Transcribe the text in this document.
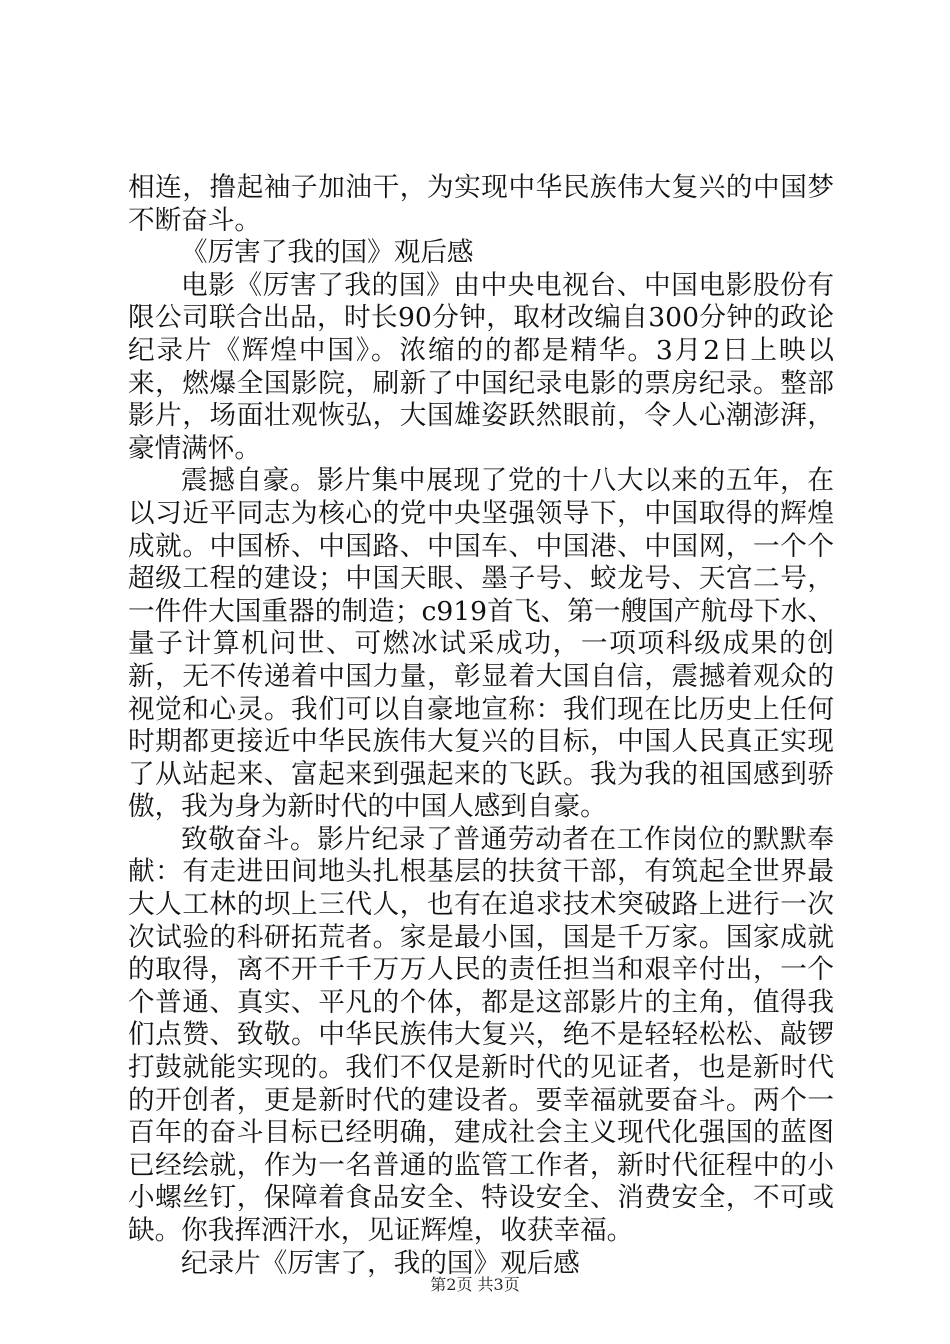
相连，撸起袖子加油干，为实现中华民族伟大复兴的中国梦不断奋斗。

《厉害了我的国》观后感

电影《厉害了我的国》由中央电视台、中国电影股份有限公司联合出品，时长90分钟，取材改编自300分钟的政论纪录片《辉煌中国》。浓缩的的都是精华。3月2日上映以来，燃爆全国影院，刷新了中国纪录电影的票房纪录。整部影片，场面壮观恢弘，大国雄姿跃然眼前，令人心潮澎湃，豪情满怀。

震撼自豪。影片集中展现了党的十八大以来的五年，在以习近平同志为核心的党中央坚强领导下，中国取得的辉煌成就。中国桥、中国路、中国车、中国港、中国网，一个个超级工程的建设；中国天眼、墨子号、蛟龙号、天宫二号，一件件大国重器的制造；c919首飞、第一艘国产航母下水、量子计算机问世、可燃冰试采成功，一项项科级成果的创新，无不传递着中国力量，彰显着大国自信，震撼着观众的视觉和心灵。我们可以自豪地宣称：我们现在比历史上任何时期都更接近中华民族伟大复兴的目标，中国人民真正实现了从站起来、富起来到强起来的飞跃。我为我的祖国感到骄傲，我为身为新时代的中国人感到自豪。

致敬奋斗。影片纪录了普通劳动者在工作岗位的默默奉献：有走进田间地头扎根基层的扶贫干部，有筑起全世界最大人工林的坝上三代人，也有在追求技术突破路上进行一次次试验的科研拓荒者。家是最小国，国是千万家。国家成就的取得，离不开千千万万人民的责任担当和艰辛付出，一个个普通、真实、平凡的个体，都是这部影片的主角，值得我们点赞、致敬。中华民族伟大复兴，绝不是轻轻松松、敲锣打鼓就能实现的。我们不仅是新时代的见证者，也是新时代的开创者，更是新时代的建设者。要幸福就要奋斗。两个一百年的奋斗目标已经明确，建成社会主义现代化强国的蓝图已经绘就，作为一名普通的监管工作者，新时代征程中的小小螺丝钉，保障着食品安全、特设安全、消费安全，不可或缺。你我挥洒汗水，见证辉煌，收获幸福。

纪录片《厉害了，我的国》观后感

第2页 共3页
